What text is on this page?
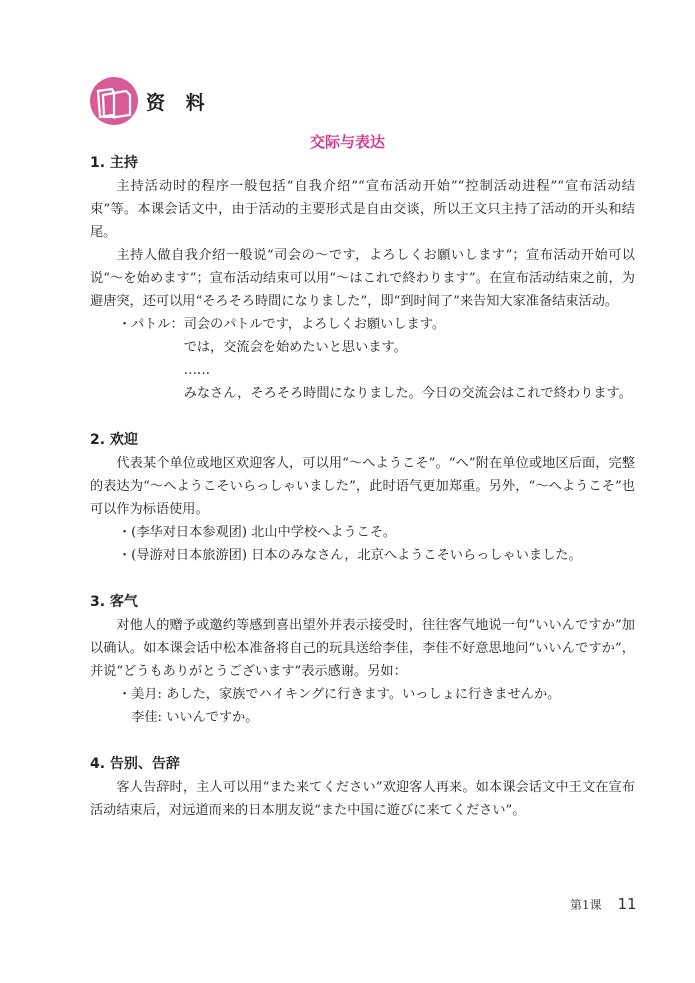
资 料
交际与表达

1. 主持

主持活动时的程序一般包括“自我介绍”“宣布活动开始”“控制活动进程”“宣布活动结束”等。本课会话文中，由于活动的主要形式是自由交谈，所以王文只主持了活动的开头和结尾。

主持人做自我介绍一般说“司会の～です，よろしくお願いします”；宣布活动开始可以说“～を始めます”；宣布活动结束可以用“～はこれで終わります”。在宣布活动结束之前，为避唐突，还可以用“そろそろ時間になりました”，即“到时间了”来告知大家准备结束活动。

・パトル： 司会のパトルです，よろしくお願いします。
では，交流会を始めたいと思います。
……
みなさん，そろそろ時間になりました。今日の交流会はこれで終わります。

2. 欢迎

代表某个单位或地区欢迎客人，可以用“～へようこそ”。“へ”附在单位或地区后面，完整的表达为“～へようこそいらっしゃいました”，此时语气更加郑重。另外，“～へようこそ”也可以作为标语使用。

・(李华对日本参观团) 北山中学校へようこそ。

・(导游对日本旅游团) 日本のみなさん，北京へようこそいらっしゃいました。

3. 客气

对他人的赠予或邀约等感到喜出望外并表示接受时，往往客气地说一句“いいんですか”加以确认。如本课会话中松本准备将自己的玩具送给李佳，李佳不好意思地问“いいんですか”，并说“どうもありがとうございます”表示感谢。另如：

・美月: あした，家族でハイキングに行きます。いっしょに行きませんか。

　李佳: いいんですか。

4. 告别、告辞

客人告辞时，主人可以用“また来てください”欢迎客人再来。如本课会话文中王文在宣布活动结束后，对远道而来的日本朋友说“また中国に遊びに来てください”。

第1课 11
